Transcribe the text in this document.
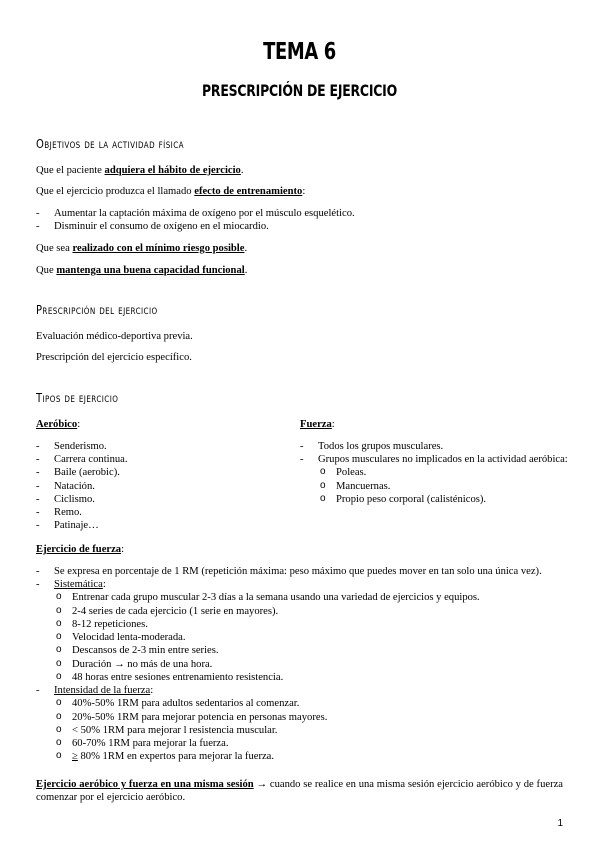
TEMA 6
PRESCRIPCIÓN DE EJERCICIO
Objetivos de la actividad física
Que el paciente adquiera el hábito de ejercicio.
Que el ejercicio produzca el llamado efecto de entrenamiento:
- Aumentar la captación máxima de oxígeno por el músculo esquelético.
- Disminuir el consumo de oxígeno en el miocardio.
Que sea realizado con el mínimo riesgo posible.
Que mantenga una buena capacidad funcional.
Prescripción del ejercicio
Evaluación médico-deportiva previa.
Prescripción del ejercicio específico.
Tipos de ejercicio
Aeróbico:
- Senderismo.
- Carrera continua.
- Baile (aerobic).
- Natación.
- Ciclismo.
- Remo.
- Patinaje…
Fuerza:
- Todos los grupos musculares.
- Grupos musculares no implicados en la actividad aeróbica:
o Poleas.
o Mancuernas.
o Propio peso corporal (calisténicos).
Ejercicio de fuerza:
- Se expresa en porcentaje de 1 RM (repetición máxima: peso máximo que puedes mover en tan solo una única vez).
- Sistemática:
o Entrenar cada grupo muscular 2-3 días a la semana usando una variedad de ejercicios y equipos.
o 2-4 series de cada ejercicio (1 serie en mayores).
o 8-12 repeticiones.
o Velocidad lenta-moderada.
o Descansos de 2-3 min entre series.
o Duración → no más de una hora.
o 48 horas entre sesiones entrenamiento resistencia.
- Intensidad de la fuerza:
o 40%-50% 1RM para adultos sedentarios al comenzar.
o 20%-50% 1RM para mejorar potencia en personas mayores.
o < 50% 1RM para mejorar l resistencia muscular.
o 60-70% 1RM para mejorar la fuerza.
o ≥ 80% 1RM en expertos para mejorar la fuerza.
Ejercicio aeróbico y fuerza en una misma sesión → cuando se realice en una misma sesión ejercicio aeróbico y de fuerza comenzar por el ejercicio aeróbico.
1
